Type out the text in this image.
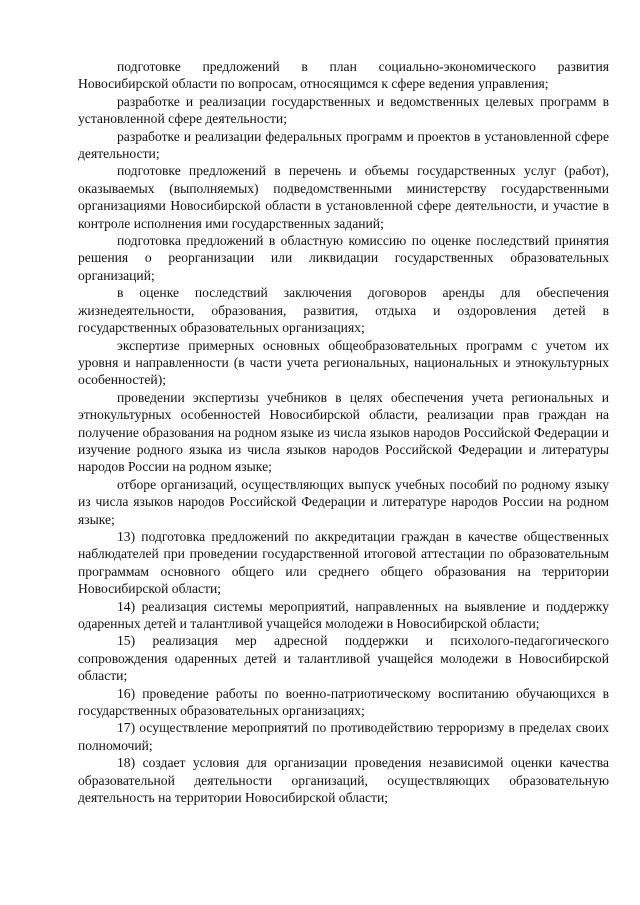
подготовке предложений в план социально-экономического развития Новосибирской области по вопросам, относящимся к сфере ведения управления;

разработке и реализации государственных и ведомственных целевых программ в установленной сфере деятельности;

разработке и реализации федеральных программ и проектов в установленной сфере деятельности;

подготовке предложений в перечень и объемы государственных услуг (работ), оказываемых (выполняемых) подведомственными министерству государственными организациями Новосибирской области в установленной сфере деятельности, и участие в контроле исполнения ими государственных заданий;

подготовка предложений в областную комиссию по оценке последствий принятия решения о реорганизации или ликвидации государственных образовательных организаций;

в оценке последствий заключения договоров аренды для обеспечения жизнедеятельности, образования, развития, отдыха и оздоровления детей в государственных образовательных организациях;

экспертизе примерных основных общеобразовательных программ с учетом их уровня и направленности (в части учета региональных, национальных и этнокультурных особенностей);

проведении экспертизы учебников в целях обеспечения учета региональных и этнокультурных особенностей Новосибирской области, реализации прав граждан на получение образования на родном языке из числа языков народов Российской Федерации и изучение родного языка из числа языков народов Российской Федерации и литературы народов России на родном языке;

отборе организаций, осуществляющих выпуск учебных пособий по родному языку из числа языков народов Российской Федерации и литературе народов России на родном языке;

13) подготовка предложений по аккредитации граждан в качестве общественных наблюдателей при проведении государственной итоговой аттестации по образовательным программам основного общего или среднего общего образования на территории Новосибирской области;

14) реализация системы мероприятий, направленных на выявление и поддержку одаренных детей и талантливой учащейся молодежи в Новосибирской области;

15) реализация мер адресной поддержки и психолого-педагогического сопровождения одаренных детей и талантливой учащейся молодежи в Новосибирской области;

16) проведение работы по военно-патриотическому воспитанию обучающихся в государственных образовательных организациях;

17) осуществление мероприятий по противодействию терроризму в пределах своих полномочий;

18) создает условия для организации проведения независимой оценки качества образовательной деятельности организаций, осуществляющих образовательную деятельность на территории Новосибирской области;
